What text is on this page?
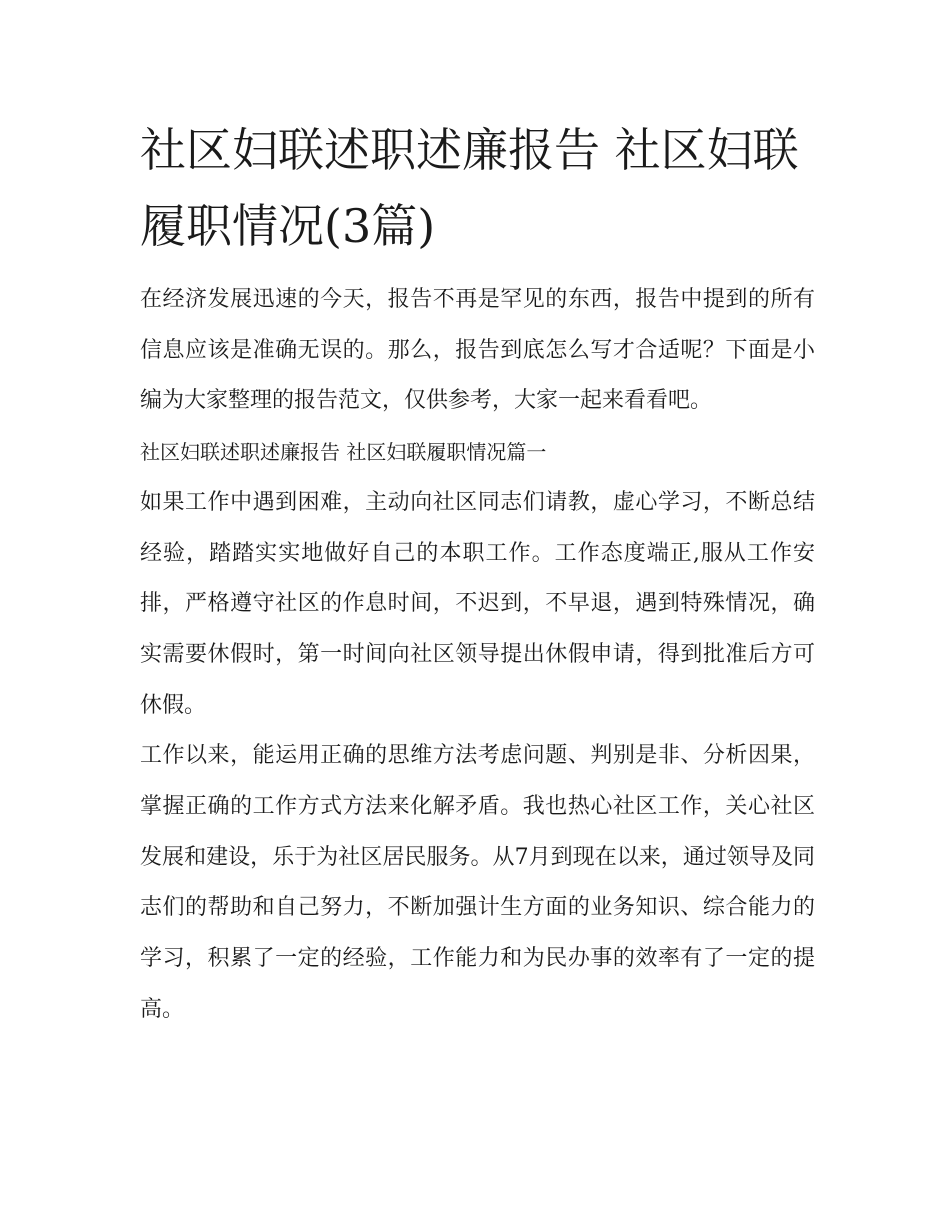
社区妇联述职述廉报告 社区妇联履职情况(3篇)

在经济发展迅速的今天，报告不再是罕见的东西，报告中提到的所有信息应该是准确无误的。那么，报告到底怎么写才合适呢？下面是小编为大家整理的报告范文，仅供参考，大家一起来看看吧。

社区妇联述职述廉报告 社区妇联履职情况篇一

如果工作中遇到困难，主动向社区同志们请教，虚心学习，不断总结经验，踏踏实实地做好自己的本职工作。工作态度端正,服从工作安排，严格遵守社区的作息时间，不迟到，不早退，遇到特殊情况，确实需要休假时，第一时间向社区领导提出休假申请，得到批准后方可休假。

工作以来，能运用正确的思维方法考虑问题、判别是非、分析因果，掌握正确的工作方式方法来化解矛盾。我也热心社区工作，关心社区发展和建设，乐于为社区居民服务。从7月到现在以来，通过领导及同志们的帮助和自己努力，不断加强计生方面的业务知识、综合能力的学习，积累了一定的经验，工作能力和为民办事的效率有了一定的提高。
